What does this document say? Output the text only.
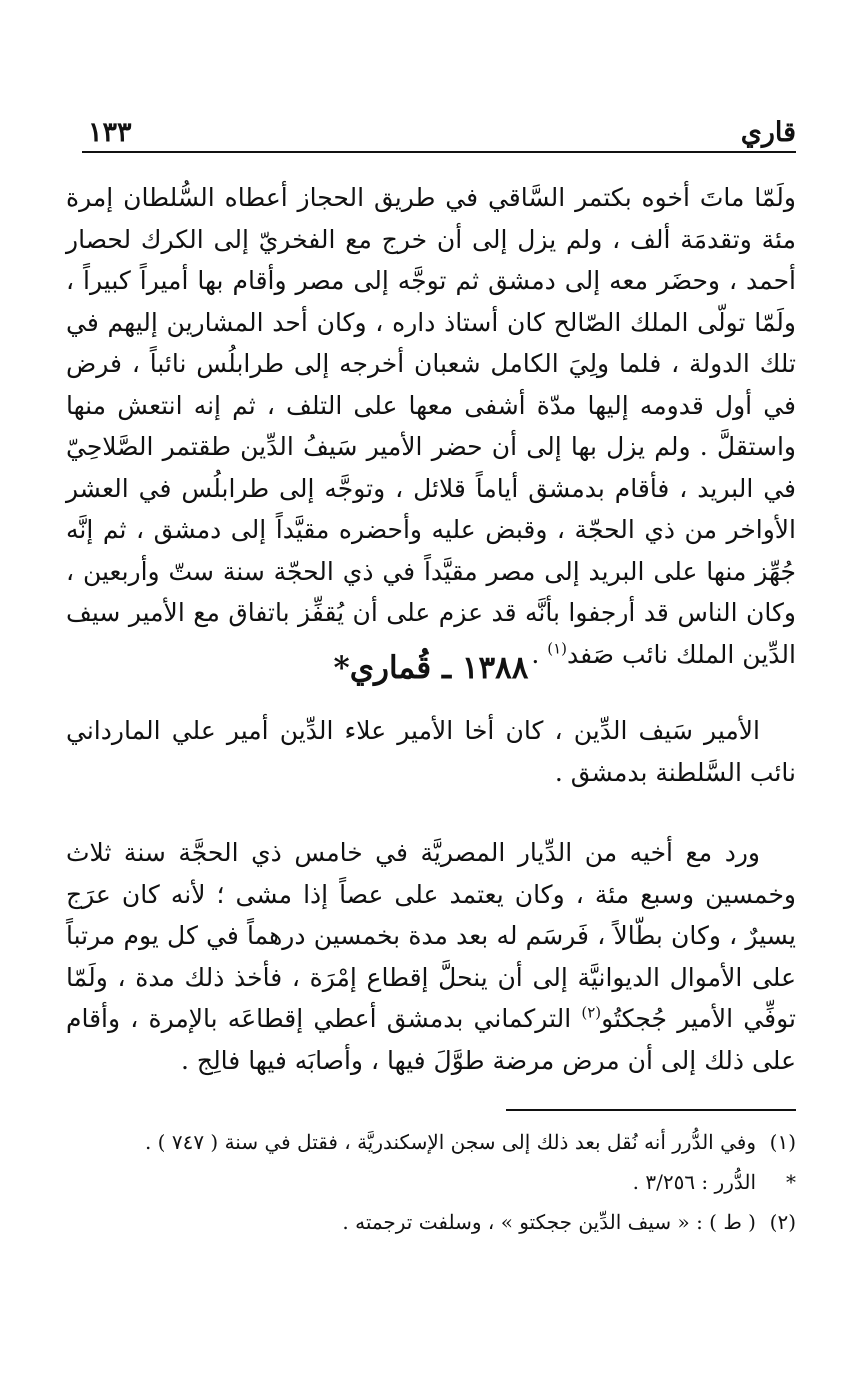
قاري
١٣٣
ولَمّا ماتَ أخوه بكتمر السَّاقي في طريق الحجاز أعطاه السُّلطان إمرة مئة وتقدمَة ألف ، ولم يزل إلى أن خرج مع الفخريّ إلى الكرك لحصار أحمد ، وحضَر معه إلى دمشق ثم توجَّه إلى مصر وأقام بها أميراً كبيراً ، ولَمّا تولّى الملك الصّالح كان أستاذ داره ، وكان أحد المشارين إليهم في تلك الدولة ، فلما ولِيَ الكامل شعبان أخرجه إلى طرابلُس نائباً ، فرض في أول قدومه إليها مدّة أشفى معها على التلف ، ثم إنه انتعش منها واستقلَّ . ولم يزل بها إلى أن حضر الأمير سَيفُ الدِّين طقتمر الصَّلاحِيّ في البريد ، فأقام بدمشق أياماً قلائل ، وتوجَّه إلى طرابلُس في العشر الأواخر من ذي الحجّة ، وقبض عليه وأحضره مقيَّداً إلى دمشق ، ثم إنَّه جُهِّز منها على البريد إلى مصر مقيَّداً في ذي الحجّة سنة ستّ وأربعين ، وكان الناس قد أرجفوا بأنَّه قد عزم على أن يُقفِّز باتفاق مع الأمير سيف الدِّين الملك نائب صَفد$^{(١)}$ .
١٣٨٨ ـ قُماري*
الأمير سَيف الدِّين ، كان أخا الأمير علاء الدِّين أمير علي المارداني نائب السَّلطنة بدمشق .
ورد مع أخيه من الدِّيار المصريَّة في خامس ذي الحجَّة سنة ثلاث وخمسين وسبع مئة ، وكان يعتمد على عصاً إذا مشى ؛ لأنه كان عرَج يسيرٌ ، وكان بطّالاً ، فَرسَم له بعد مدة بخمسين درهماً في كل يوم مرتباً على الأموال الديوانيَّة إلى أن ينحلَّ إقطاع إمْرَة ، فأخذ ذلك مدة ، ولَمّا توفِّي الأمير جُجكتُو$^{(٢)}$ التركماني بدمشق أعطي إقطاعَه بالإمرة ، وأقام على ذلك إلى أن مرض مرضة طوَّلَ فيها ، وأصابَه فيها فالِج .
(١)
وفي الدُّرر أنه نُقل بعد ذلك إلى سجن الإسكندريَّة ، فقتل في سنة ( ٧٤٧ ) .
*
الدُّرر : ٣/٢٥٦ .
(٢)
( ط ) : « سيف الدِّين ججكتو » ، وسلفت ترجمته .
